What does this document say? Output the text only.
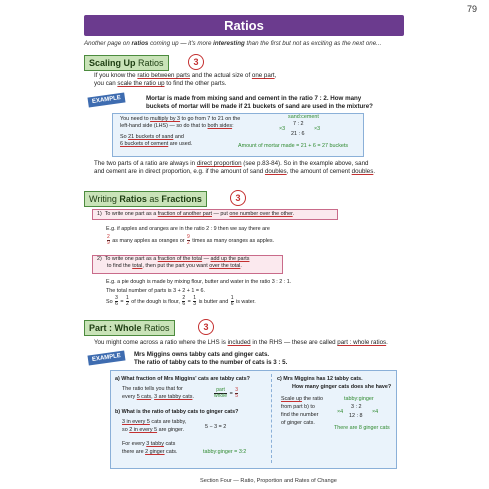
79
Ratios
Another page on ratios coming up — it's more interesting than the first but not as exciting as the next one...
Scaling Up Ratios	3
If you know the ratio between parts and the actual size of one part,
you can scale the ratio up to find the other parts.
EXAMPLE	Mortar is made from mixing sand and cement in the ratio 7 : 2. How many
buckets of mortar will be made if 21 buckets of sand are used in the mixture?
You need to multiply by 3 to go from 7 to 21 on the
left-hand side (LHS) — so do that to both sides:
So 21 buckets of sand and
6 buckets of cement are used.
sand:cement
7 : 2
21 : 6
×3	×3
Amount of mortar made = 21 + 6 = 27 buckets
The two parts of a ratio are always in direct proportion (see p.83-84). So in the example above, sand
and cement are in direct proportion, e.g. if the amount of sand doubles, the amount of cement doubles.
Writing Ratios as Fractions	3
1) To write one part as a fraction of another part — put one number over the other.
E.g. if apples and oranges are in the ratio 2 : 9 then we say there are
$\frac{2}{9}$ as many apples as oranges or $\frac{9}{2}$ times as many oranges as apples.
2) To write one part as a fraction of the total — add up the parts
to find the total, then put the part you want over the total.
E.g. a pie dough is made by mixing flour, butter and water in the ratio 3 : 2 : 1.
The total number of parts is 3 + 2 + 1 = 6.
So $\frac{3}{6} = \frac{1}{2}$ of the dough is flour, $\frac{2}{6} = \frac{1}{3}$ is butter and $\frac{1}{6}$ is water.
Part : Whole Ratios	3
You might come across a ratio where the LHS is included in the RHS — these are called part : whole ratios.
EXAMPLE	Mrs Miggins owns tabby cats and ginger cats.
The ratio of tabby cats to the number of cats is 3 : 5.
a) What fraction of Mrs Miggins' cats are tabby cats?
The ratio tells you that for
every 5 cats, 3 are tabby cats.	$\frac{\text{part}}{\text{whole}} = \frac{3}{5}$
b) What is the ratio of tabby cats to ginger cats?
3 in every 5 cats are tabby,
so 2 in every 5 are ginger.	5 − 3 = 2
For every 3 tabby cats
there are 2 ginger cats.	tabby:ginger = 3:2
c) Mrs Miggins has 12 tabby cats.
How many ginger cats does she have?
Scale up the ratio
from part b) to
find the number
of ginger cats.
tabby:ginger
3 : 2
12 : 8
×4	×4
There are 8 ginger cats
Section Four — Ratio, Proportion and Rates of Change
